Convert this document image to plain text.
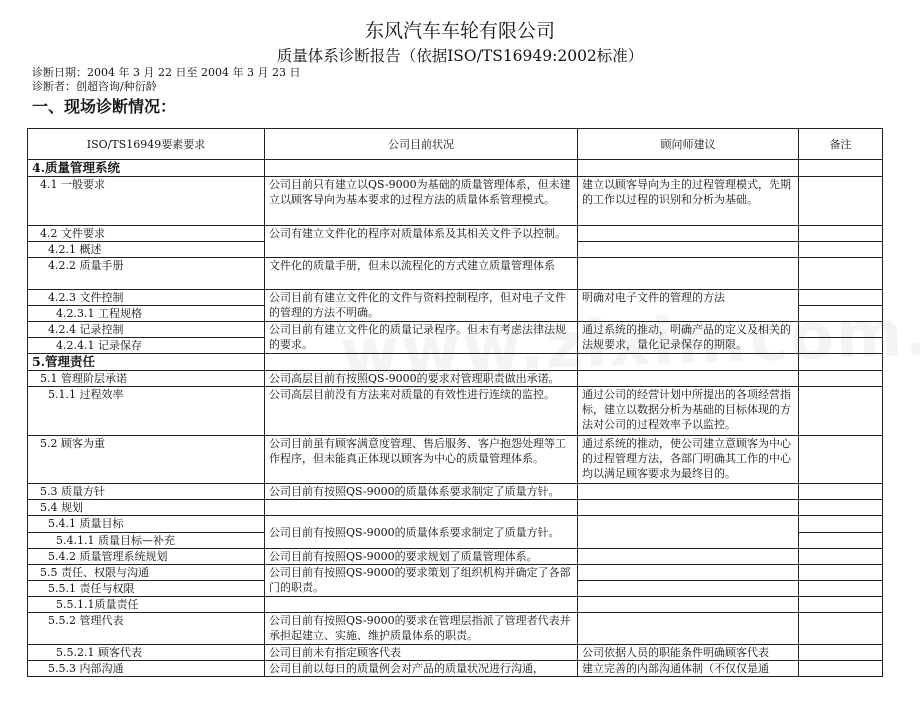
东风汽车车轮有限公司
质量体系诊断报告（依据ISO/TS16949:2002标准）
诊断日期：2004 年 3 月 22 日至 2004 年 3 月 23 日
诊断者：创超咨询/种衍龄
一、现场诊断情况：
ISO/TS16949要素要求	公司目前状况	顾问师建议	备注
4.质量管理系统			
4.1 一般要求	公司目前只有建立以QS-9000为基础的质量管理体系，但未建立以顾客导向为基本要求的过程方法的质量体系管理模式。	建立以顾客导向为主的过程管理模式，先期的工作以过程的识别和分析为基础。	
4.2 文件要求	公司有建立文件化的程序对质量体系及其相关文件予以控制。		
4.2.1 概述			
4.2.2 质量手册	文件化的质量手册，但未以流程化的方式建立质量管理体系		
4.2.3 文件控制	公司目前有建立文件化的文件与资料控制程序，但对电子文件的管理的方法不明确。	明确对电子文件的管理的方法	
4.2.3.1 工程规格			
4.2.4 记录控制	公司目前有建立文件化的质量记录程序。但未有考虑法律法规的要求。	通过系统的推动，明确产品的定义及相关的法规要求，量化记录保存的期限。	
4.2.4.1 记录保存			
5.管理责任			
5.1 管理阶层承诺	公司高层目前有按照QS-9000的要求对管理职责做出承诺。		
5.1.1 过程效率	公司高层目前没有方法来对质量的有效性进行连续的监控。	通过公司的经营计划中所提出的各项经营指标，建立以数据分析为基础的目标体现的方法对公司的过程效率予以监控。	
5.2 顾客为重	公司目前虽有顾客满意度管理、售后服务、客户抱怨处理等工作程序，但未能真正体现以顾客为中心的质量管理体系。	通过系统的推动，使公司建立意顾客为中心的过程管理方法，各部门明确其工作的中心均以满足顾客要求为最终目的。	
5.3 质量方针	公司目前有按照QS-9000的质量体系要求制定了质量方针。		
5.4 规划			
5.4.1 质量目标	公司目前有按照QS-9000的质量体系要求制定了质量方针。		
5.4.1.1 质量目标—补充			
5.4.2 质量管理系统规划	公司目前有按照QS-9000的要求规划了质量管理体系。		
5.5 责任、权限与沟通	公司目前有按照QS-9000的要求策划了组织机构并确定了各部门的职责。		
5.5.1 责任与权限			
5.5.1.1质量责任			
5.5.2 管理代表	公司目前有按照QS-9000的要求在管理层指派了管理者代表并承担起建立、实施、维护质量体系的职责。		
5.5.2.1 顾客代表	公司目前未有指定顾客代表	公司依据人员的职能条件明确顾客代表	
5.5.3 内部沟通	公司目前以每日的质量例会对产品的质量状况进行沟通，	建立完善的内部沟通体制（不仅仅是通	
